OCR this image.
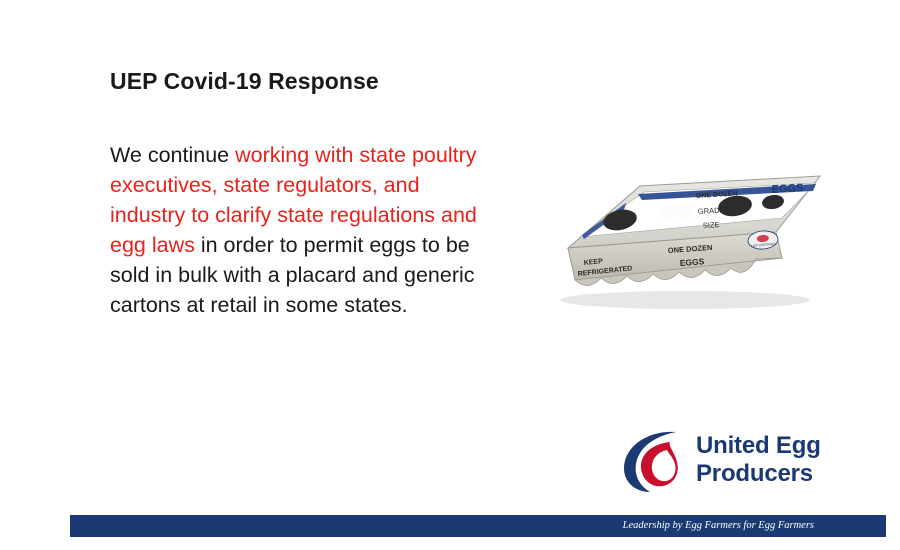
UEP Covid-19 Response
We continue working with state poultry executives, state regulators, and industry to clarify state regulations and egg laws in order to permit eggs to be sold in bulk with a placard and generic cartons at retail in some states.
ONE DOZEN	EGGS
GRADE
SIZE
ONE DOZEN
EGGS
KEEP
REFRIGERATED
UEP CERTIFIED
United Egg
Producers
Leadership by Egg Farmers for Egg Farmers
